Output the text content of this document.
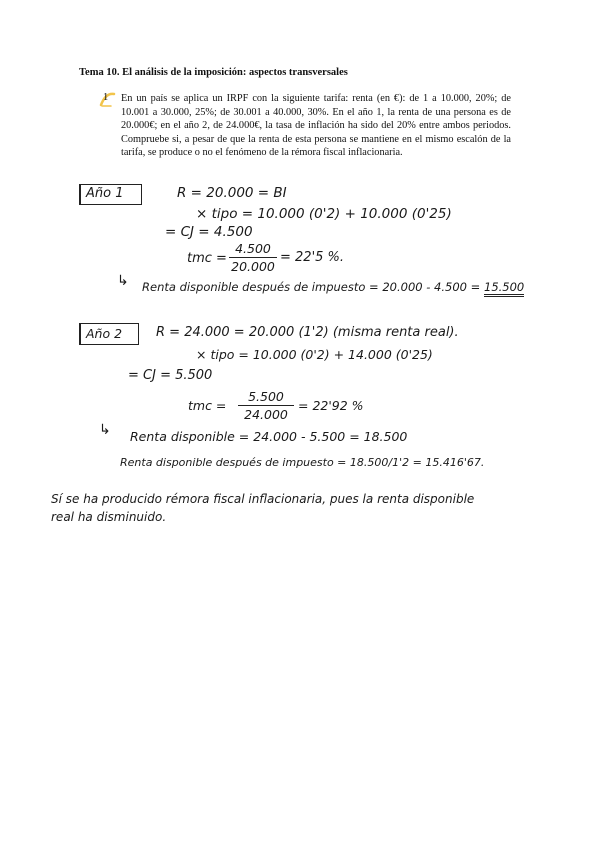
Tema 10. El análisis de la imposición: aspectos transversales
1 En un país se aplica un IRPF con la siguiente tarifa: renta (en €): de 1 a 10.000, 20%; de 10.001 a 30.000, 25%; de 30.001 a 40.000, 30%. En el año 1, la renta de una persona es de 20.000€; en el año 2, de 24.000€, la tasa de inflación ha sido del 20% entre ambos periodos. Compruebe si, a pesar de que la renta de esta persona se mantiene en el mismo escalón de la tarifa, se produce o no el fenómeno de la rémora fiscal inflacionaria.
Año 1	R = 20.000 = BI
× tipo = 10.000 (0'2) + 10.000 (0'25)
= CJ = 4.500
tmc =
4.500
20.000
= 22'5 %.
↳ Renta disponible después de impuesto = 20.000 - 4.500 = 15.500
Año 2	R = 24.000 = 20.000 (1'2) (misma renta real).
× tipo = 10.000 (0'2) + 14.000 (0'25)
= CJ = 5.500
tmc =
5.500
24.000
= 22'92 %
↳ Renta disponible = 24.000 - 5.500 = 18.500
Renta disponible después de impuesto = 18.500/1'2 = 15.416'67.
Sí se ha producido rémora fiscal inflacionaria, pues la renta disponible
real ha disminuido.
